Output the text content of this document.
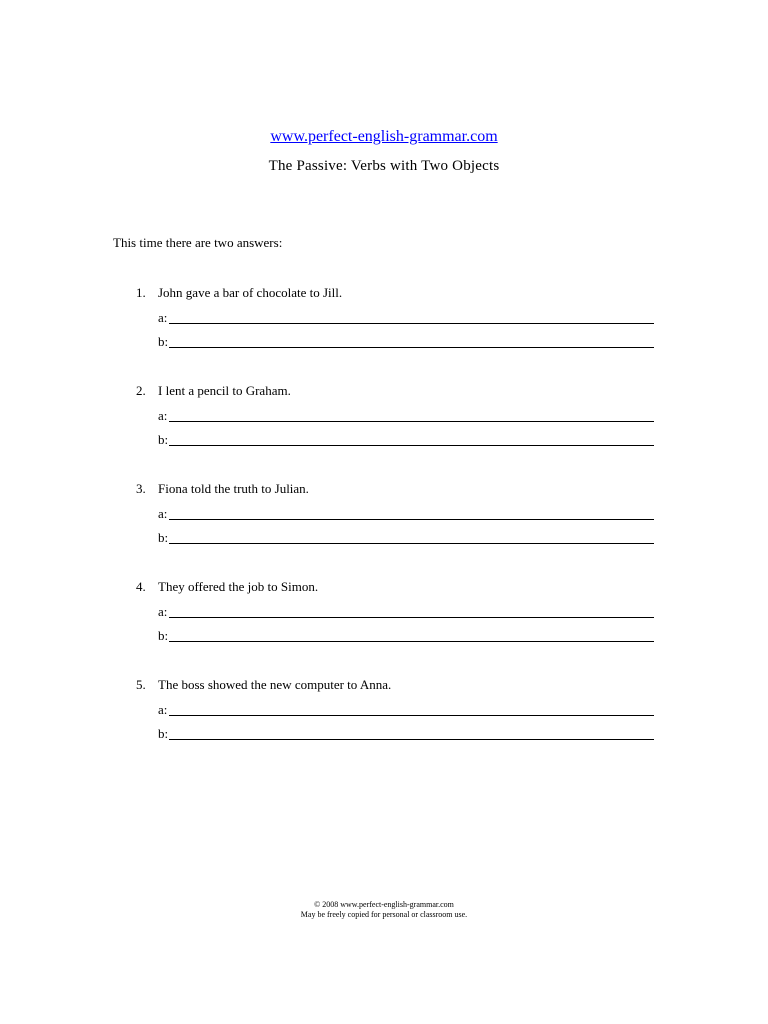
www.perfect-english-grammar.com
The Passive: Verbs with Two Objects
This time there are two answers:
1. John gave a bar of chocolate to Jill.
a:
b:
2. I lent a pencil to Graham.
a:
b:
3. Fiona told the truth to Julian.
a:
b:
4. They offered the job to Simon.
a:
b:
5. The boss showed the new computer to Anna.
a:
b:
© 2008 www.perfect-english-grammar.com
May be freely copied for personal or classroom use.
